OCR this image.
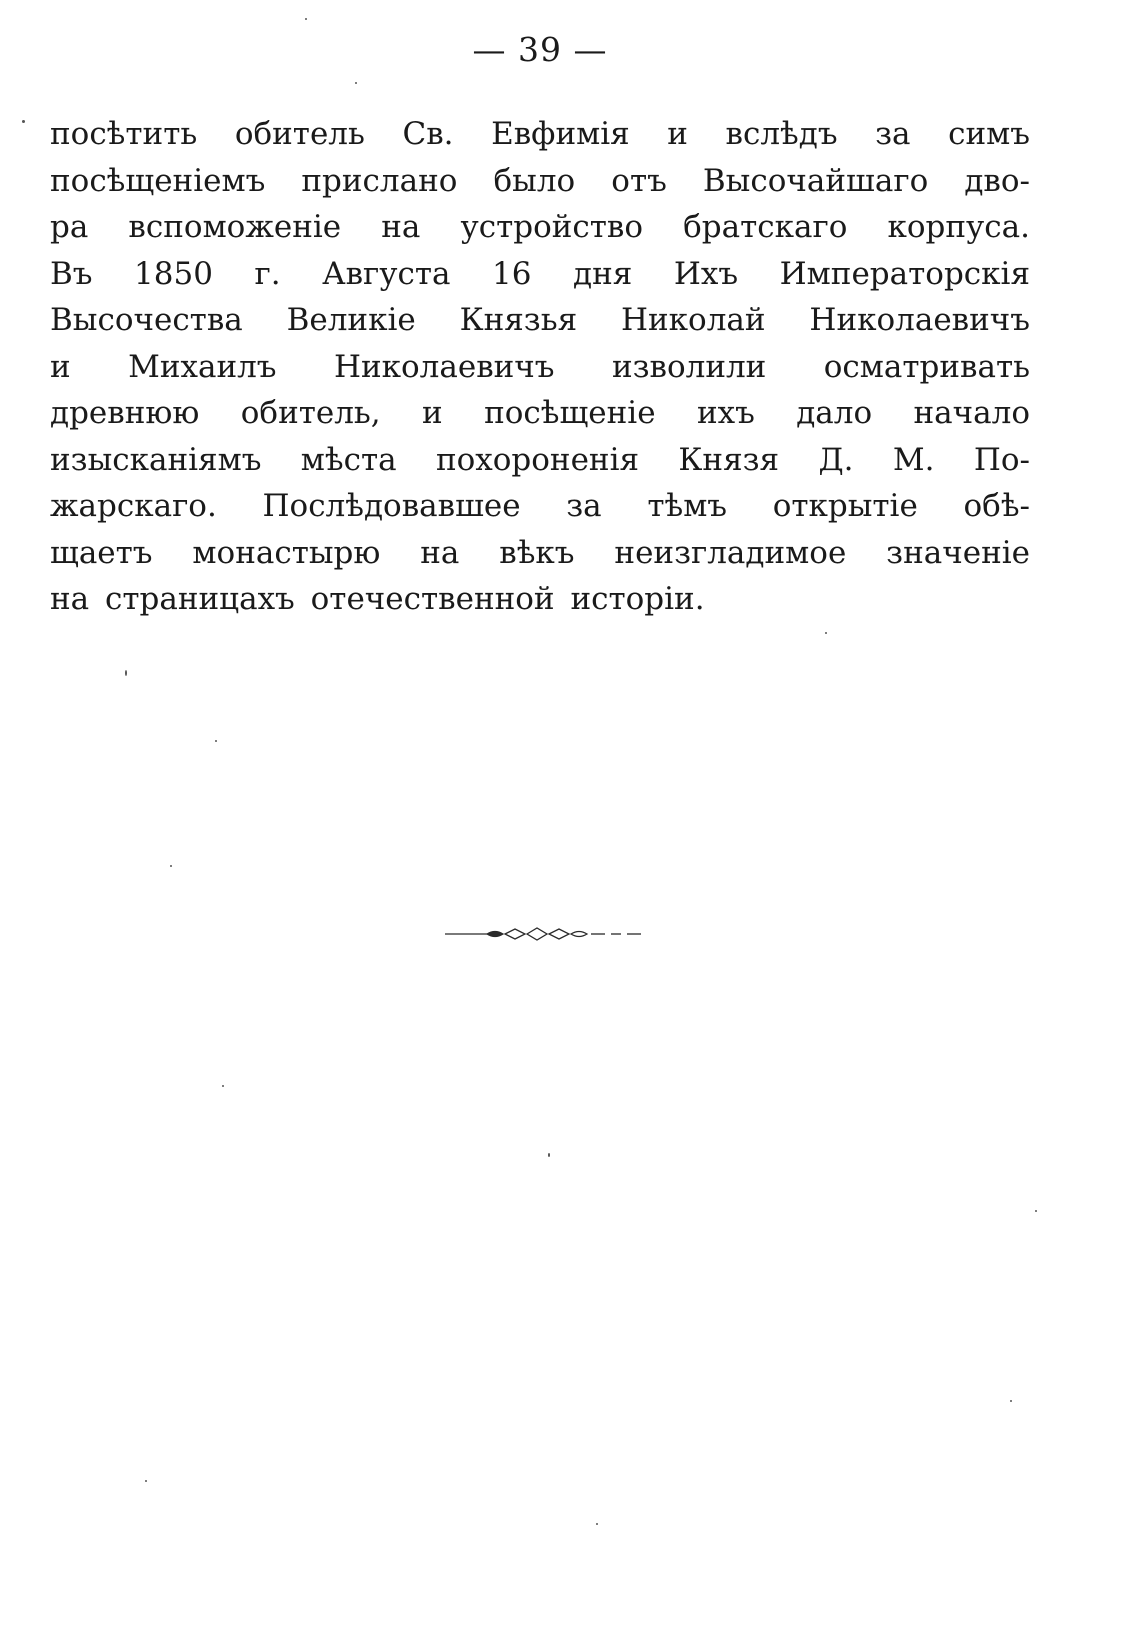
— 39 —
посѣтить обитель Св. Евфимія и вслѣдъ за симъ
посѣщеніемъ прислано было отъ Высочайшаго дво-
ра вспоможеніе на устройство братскаго корпуса.
Въ 1850 г. Августа 16 дня Ихъ Императорскія
Высочества Великіе Князья Николай Николаевичъ
и Михаилъ Николаевичъ изволили осматривать
древнюю обитель, и посѣщеніе ихъ дало начало
изысканіямъ мѣста похороненія Князя Д. М. По-
жарскаго. Послѣдовавшее за тѣмъ открытіе обѣ-
щаетъ монастырю на вѣкъ неизгладимое значеніе
на страницахъ отечественной исторіи.
